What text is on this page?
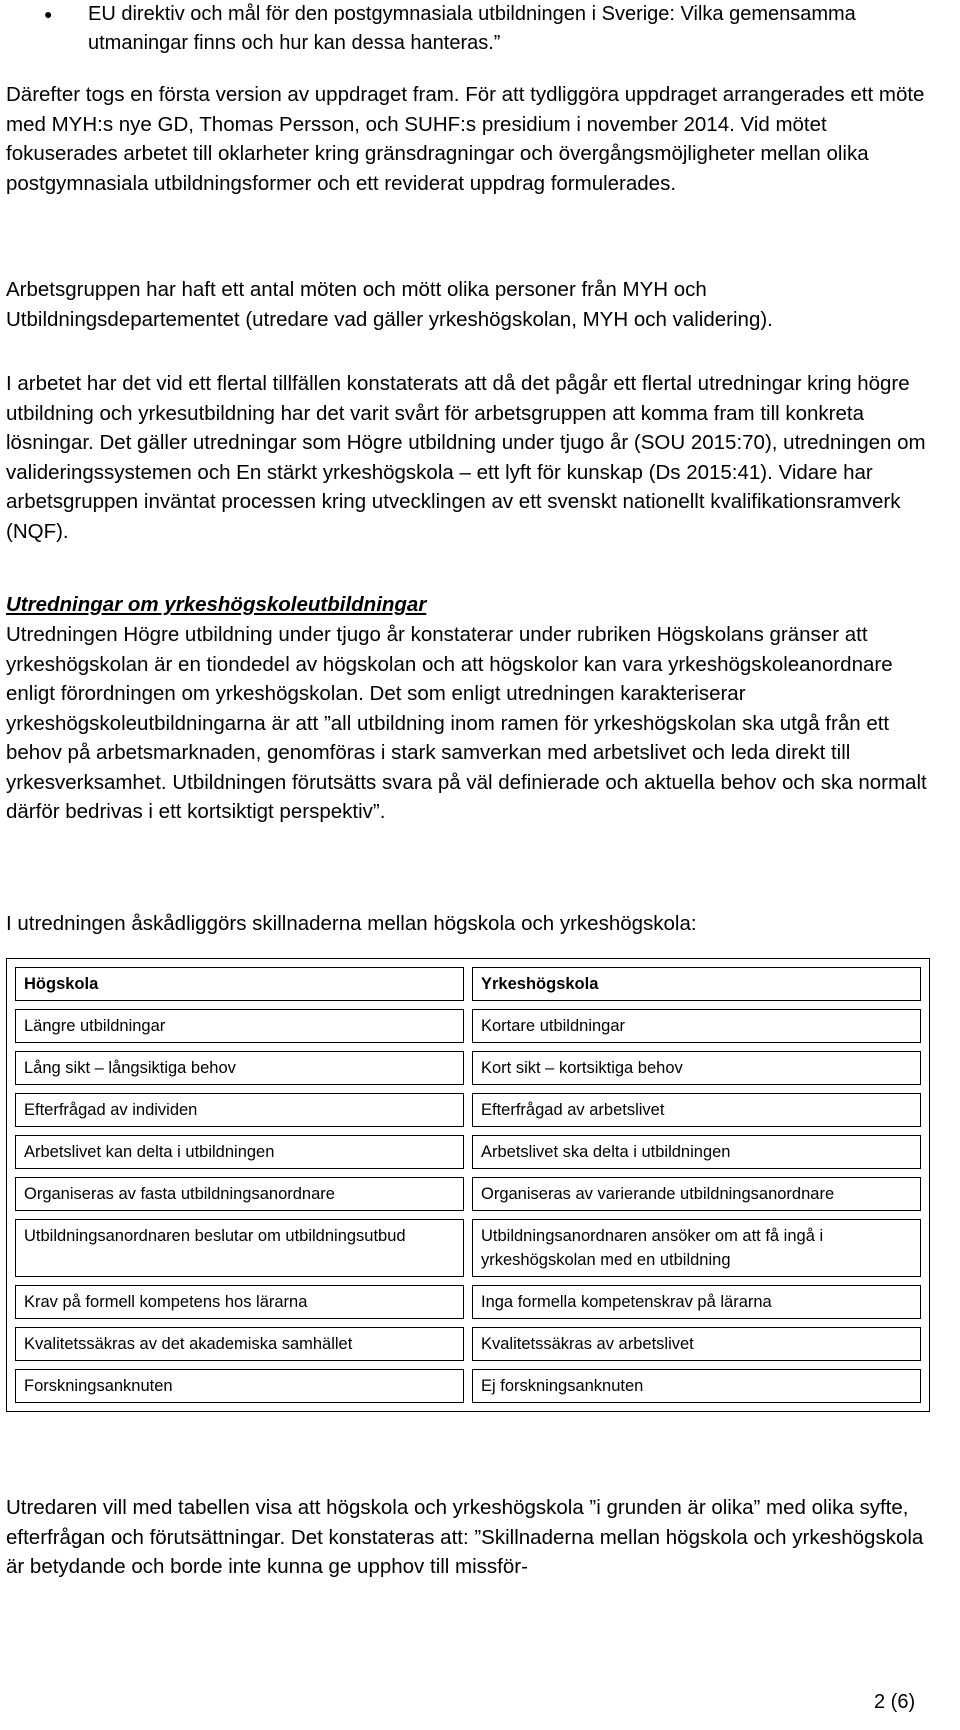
● EU direktiv och mål för den postgymnasiala utbildningen i Sverige: Vilka gemensamma utmaningar finns och hur kan dessa hanteras.”

Därefter togs en första version av uppdraget fram. För att tydliggöra uppdraget arrangerades ett möte med MYH:s nye GD, Thomas Persson, och SUHF:s presidium i november 2014. Vid mötet fokuserades arbetet till oklarheter kring gränsdragningar och övergångsmöjligheter mellan olika postgymnasiala utbildningsformer och ett reviderat uppdrag formulerades.

Arbetsgruppen har haft ett antal möten och mött olika personer från MYH och Utbildningsdepartementet (utredare vad gäller yrkeshögskolan, MYH och validering).

I arbetet har det vid ett flertal tillfällen konstaterats att då det pågår ett flertal utredningar kring högre utbildning och yrkesutbildning har det varit svårt för arbetsgruppen att komma fram till konkreta lösningar. Det gäller utredningar som Högre utbildning under tjugo år (SOU 2015:70), utredningen om valideringssystemen och En stärkt yrkeshögskola – ett lyft för kunskap (Ds 2015:41). Vidare har arbetsgruppen inväntat processen kring utvecklingen av ett svenskt nationellt kvalifikationsramverk (NQF).

Utredningar om yrkeshögskoleutbildningar

Utredningen Högre utbildning under tjugo år konstaterar under rubriken Högskolans gränser att yrkeshögskolan är en tiondedel av högskolan och att högskolor kan vara yrkeshögskoleanordnare enligt förordningen om yrkeshögskolan. Det som enligt utredningen karakteriserar yrkeshögskoleutbildningarna är att ”all utbildning inom ramen för yrkeshögskolan ska utgå från ett behov på arbetsmarknaden, genomföras i stark samverkan med arbetslivet och leda direkt till yrkesverksamhet. Utbildningen förutsätts svara på väl definierade och aktuella behov och ska normalt därför bedrivas i ett kortsiktigt perspektiv”.

I utredningen åskådliggörs skillnaderna mellan högskola och yrkeshögskola:

Högskola	Yrkeshögskola
Längre utbildningar	Kortare utbildningar
Lång sikt – långsiktiga behov	Kort sikt – kortsiktiga behov
Efterfrågad av individen	Efterfrågad av arbetslivet
Arbetslivet kan delta i utbildningen	Arbetslivet ska delta i utbildningen
Organiseras av fasta utbildningsanordnare	Organiseras av varierande utbildningsanordnare
Utbildningsanordnaren beslutar om utbildningsutbud	Utbildningsanordnaren ansöker om att få ingå i yrkeshögskolan med en utbildning
Krav på formell kompetens hos lärarna	Inga formella kompetenskrav på lärarna
Kvalitetssäkras av det akademiska samhället	Kvalitetssäkras av arbetslivet
Forskningsanknuten	Ej forskningsanknuten

Utredaren vill med tabellen visa att högskola och yrkeshögskola ”i grunden är olika” med olika syfte, efterfrågan och förutsättningar. Det konstateras att: ”Skillnaderna mellan högskola och yrkeshögskola är betydande och borde inte kunna ge upphov till missför-

2 (6)
